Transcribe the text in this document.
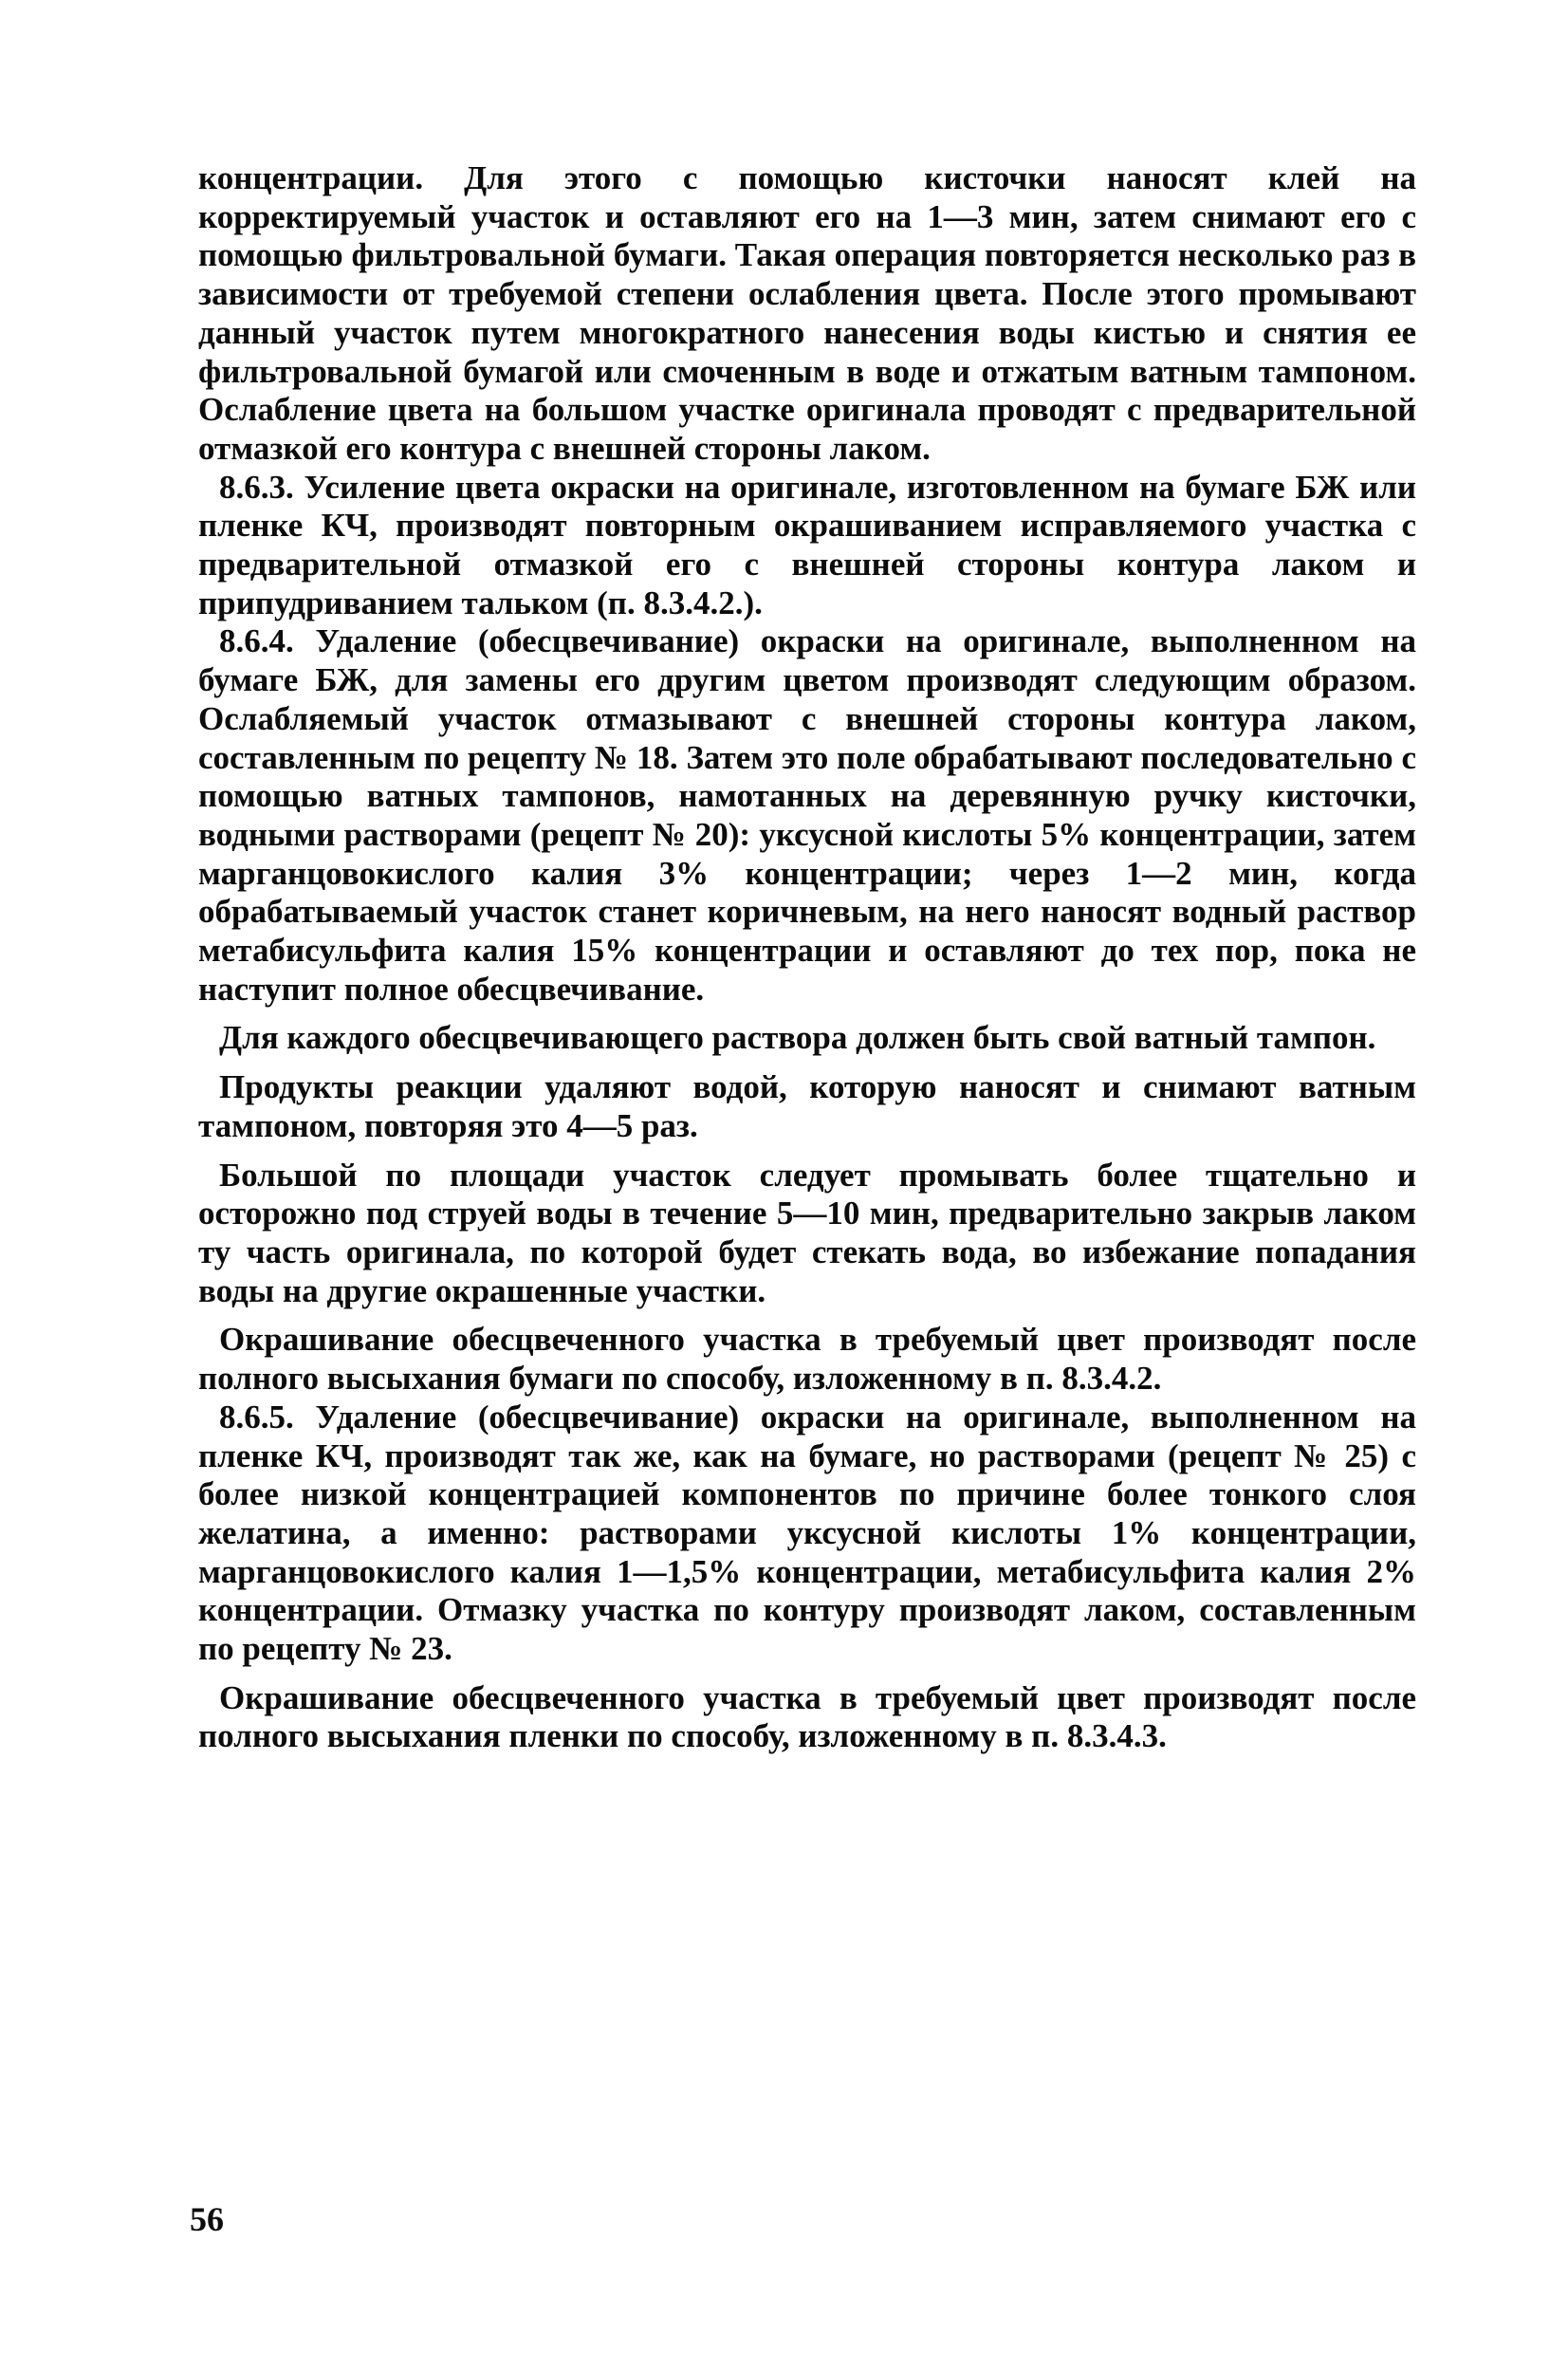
концентрации. Для этого с помощью кисточки наносят клей на корректируемый участок и оставляют его на 1—3 мин, затем снимают его с помощью фильтровальной бумаги. Такая операция повторяется несколько раз в зависимости от требуемой степени ослабления цвета. После этого промывают данный участок путем многократного нанесения воды кистью и снятия ее фильтровальной бумагой или смоченным в воде и отжатым ватным тампоном. Ослабление цвета на большом участке оригинала проводят с предварительной отмазкой его контура с внешней стороны лаком.

8.6.3. Усиление цвета окраски на оригинале, изготовленном на бумаге БЖ или пленке КЧ, производят повторным окрашиванием исправляемого участка с предварительной отмазкой его с внешней стороны контура лаком и припудриванием тальком (п. 8.3.4.2.).

8.6.4. Удаление (обесцвечивание) окраски на оригинале, выполненном на бумаге БЖ, для замены его другим цветом производят следующим образом. Ослабляемый участок отмазывают с внешней стороны контура лаком, составленным по рецепту № 18. Затем это поле обрабатывают последовательно с помощью ватных тампонов, намотанных на деревянную ручку кисточки, водными растворами (рецепт № 20): уксусной кислоты 5% концентрации, затем марганцовокислого калия 3% концентрации; через 1—2 мин, когда обрабатываемый участок станет коричневым, на него наносят водный раствор метабисульфита калия 15% концентрации и оставляют до тех пор, пока не наступит полное обесцвечивание.

Для каждого обесцвечивающего раствора должен быть свой ватный тампон.

Продукты реакции удаляют водой, которую наносят и снимают ватным тампоном, повторяя это 4—5 раз.

Большой по площади участок следует промывать более тщательно и осторожно под струей воды в течение 5—10 мин, предварительно закрыв лаком ту часть оригинала, по которой будет стекать вода, во избежание попадания воды на другие окрашенные участки.

Окрашивание обесцвеченного участка в требуемый цвет производят после полного высыхания бумаги по способу, изложенному в п. 8.3.4.2.

8.6.5. Удаление (обесцвечивание) окраски на оригинале, выполненном на пленке КЧ, производят так же, как на бумаге, но растворами (рецепт № 25) с более низкой концентрацией компонентов по причине более тонкого слоя желатина, а именно: растворами уксусной кислоты 1% концентрации, марганцовокислого калия 1—1,5% концентрации, метабисульфита калия 2% концентрации. Отмазку участка по контуру производят лаком, составленным по рецепту № 23.

Окрашивание обесцвеченного участка в требуемый цвет производят после полного высыхания пленки по способу, изложенному в п. 8.3.4.3.

56
